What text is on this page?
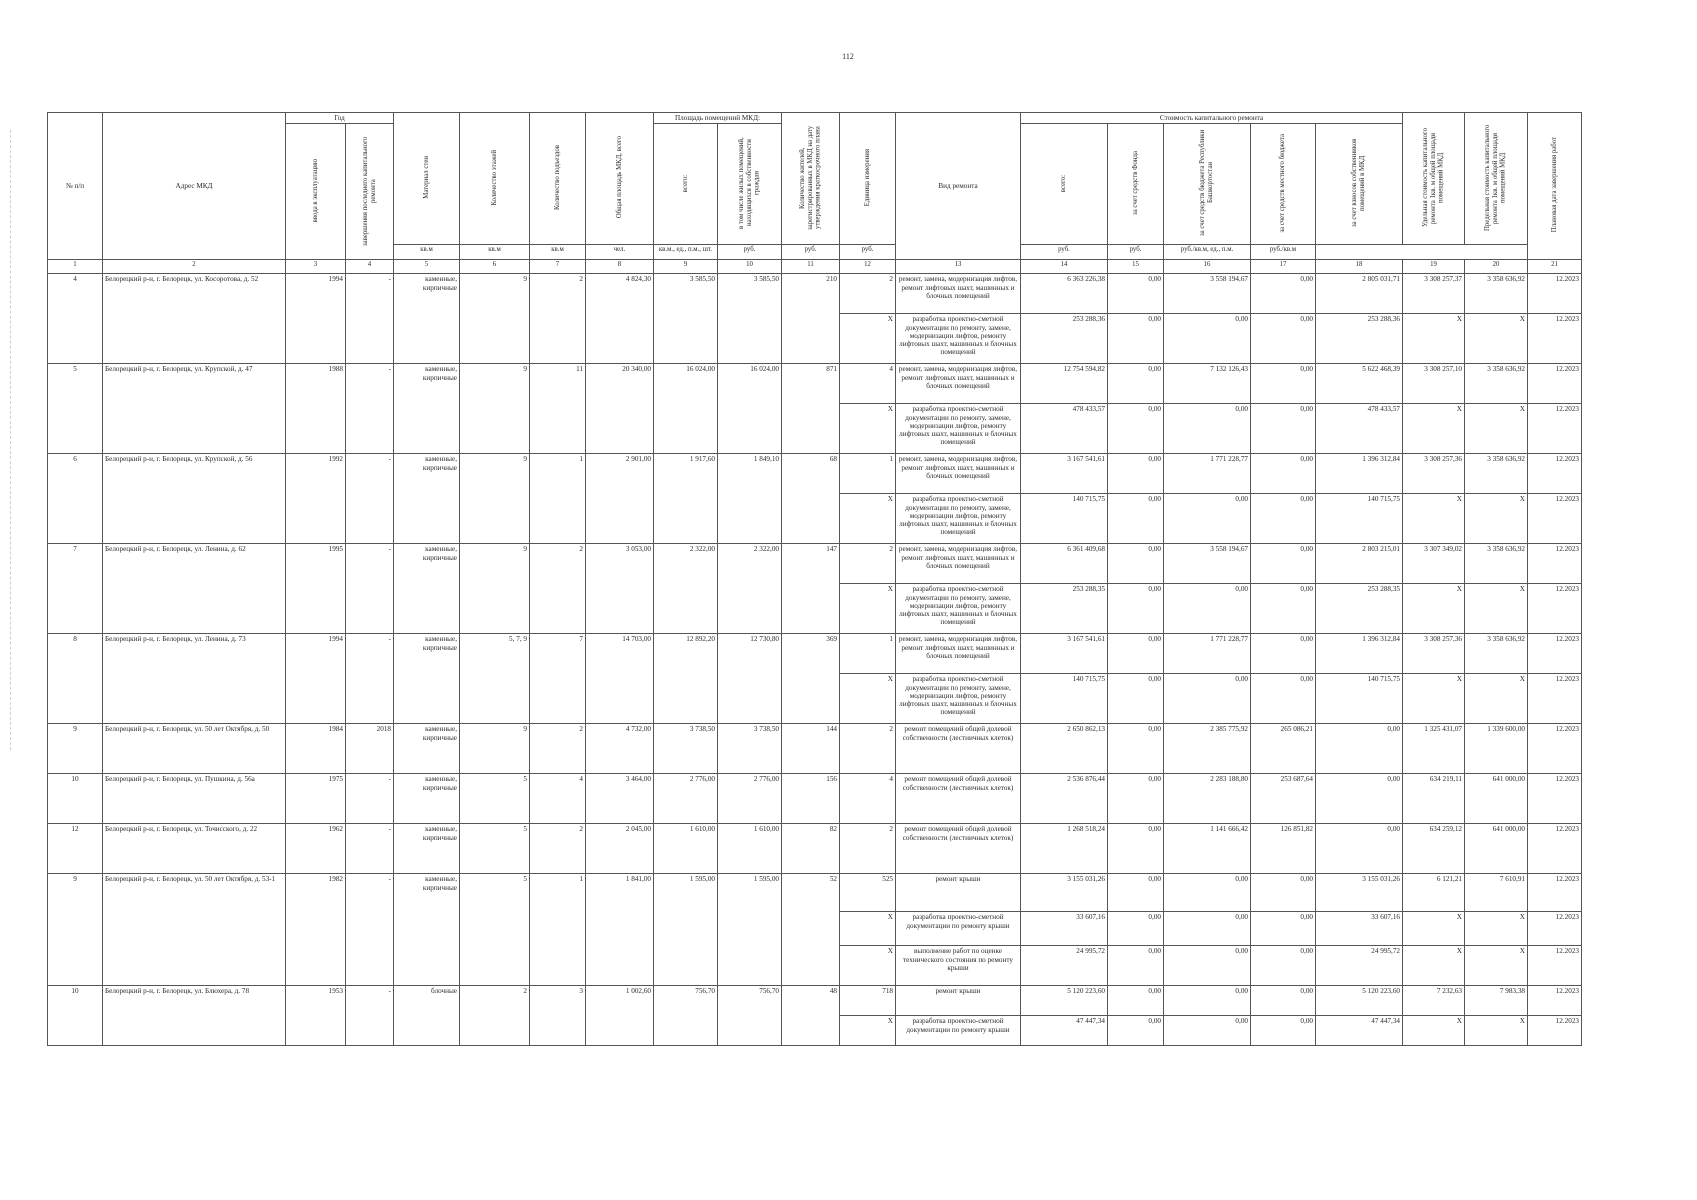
112
№ п/п	Адрес МКД	Год		Материал стен	Количество этажей	Количество подъездов	Общая площадь МКД, всего	Площадь помещений МКД:		Количество жителей, зарегистрированных в МКД на дату утверждения краткосрочного плана	Единица измерения	Вид ремонта	Стоимость капитального ремонта					Удельная стоимость капитального ремонта 1кв. м общей площади помещений МКД	Предельная стоимость капитального ремонта 1кв. м общей площади помещений МКД	Плановая дата завершения работ
		ввода в эксплуатацию	завершения последнего капитального ремонта					всего:	в том числе жилых помещений, находящихся в собственности граждан				всего:	за счет средств Фонда	за счет средств бюджета Республики Башкортостан	за счет средств местного бюджета	за счет взносов собственников помещений в МКД			
				кв.м	кв.м	кв.м	чел.	кв.м., ед., п.м., шт.	руб.	руб.	руб.		руб.	руб.	руб./кв.м, ед., п.м.	руб./кв.м				
1	2	3	4	5	6	7	8	9	10	11	12	13	14	15	16	17	18	19	20	21
4	Белорецкий р-н, г. Белорецк, ул. Косоротова, д. 52	1994	-	каменные, кирпичные	9	2	4 824,30	3 585,50	3 585,50	210	2	ремонт, замена, модернизация лифтов, ремонт лифтовых шахт, машинных и блочных помещений	6 363 226,38	0,00	3 558 194,67	0,00	2 805 031,71	3 308 257,37	3 358 636,92	12.2023
											X	разработка проектно-сметной документации по ремонту, замене, модернизации лифтов, ремонту лифтовых шахт, машинных и блочных помещений	253 288,36	0,00	0,00	0,00	253 288,36	X	X	12.2023
5	Белорецкий р-н, г. Белорецк, ул. Крупской, д. 47	1988	-	каменные, кирпичные	9	11	20 340,00	16 024,00	16 024,00	871	4	ремонт, замена, модернизация лифтов, ремонт лифтовых шахт, машинных и блочных помещений	12 754 594,82	0,00	7 132 126,43	0,00	5 622 468,39	3 308 257,10	3 358 636,92	12.2023
											X	разработка проектно-сметной документации по ремонту, замене, модернизации лифтов, ремонту лифтовых шахт, машинных и блочных помещений	478 433,57	0,00	0,00	0,00	478 433,57	X	X	12.2023
6	Белорецкий р-н, г. Белорецк, ул. Крупской, д. 56	1992	-	каменные, кирпичные	9	1	2 901,00	1 917,60	1 849,10	68	1	ремонт, замена, модернизация лифтов, ремонт лифтовых шахт, машинных и блочных помещений	3 167 541,61	0,00	1 771 228,77	0,00	1 396 312,84	3 308 257,36	3 358 636,92	12.2023
											X	разработка проектно-сметной документации по ремонту, замене, модернизации лифтов, ремонту лифтовых шахт, машинных и блочных помещений	140 715,75	0,00	0,00	0,00	140 715,75	X	X	12.2023
7	Белорецкий р-н, г. Белорецк, ул. Ленина, д. 62	1995	-	каменные, кирпичные	9	2	3 053,00	2 322,00	2 322,00	147	2	ремонт, замена, модернизация лифтов, ремонт лифтовых шахт, машинных и блочных помещений	6 361 409,68	0,00	3 558 194,67	0,00	2 803 215,01	3 307 349,02	3 358 636,92	12.2023
											X	разработка проектно-сметной документации по ремонту, замене, модернизации лифтов, ремонту лифтовых шахт, машинных и блочных помещений	253 288,35	0,00	0,00	0,00	253 288,35	X	X	12.2023
8	Белорецкий р-н, г. Белорецк, ул. Ленина, д. 73	1994	-	каменные, кирпичные	5, 7, 9	7	14 703,00	12 892,20	12 730,80	369	1	ремонт, замена, модернизация лифтов, ремонт лифтовых шахт, машинных и блочных помещений	3 167 541,61	0,00	1 771 228,77	0,00	1 396 312,84	3 308 257,36	3 358 636,92	12.2023
											X	разработка проектно-сметной документации по ремонту, замене, модернизации лифтов, ремонту лифтовых шахт, машинных и блочных помещений	140 715,75	0,00	0,00	0,00	140 715,75	X	X	12.2023
9	Белорецкий р-н, г. Белорецк, ул. 50 лет Октября, д. 50	1984	2018	каменные, кирпичные	9	2	4 732,00	3 738,50	3 738,50	144	2	ремонт помещений общей долевой собственности (лестничных клеток)	2 650 862,13	0,00	2 385 775,92	265 086,21	0,00	1 325 431,07	1 339 600,00	12.2023
10	Белорецкий р-н, г. Белорецк, ул. Пушкина, д. 56а	1975	-	каменные, кирпичные	5	4	3 464,00	2 776,00	2 776,00	156	4	ремонт помещений общей долевой собственности (лестничных клеток)	2 536 876,44	0,00	2 283 188,80	253 687,64	0,00	634 219,11	641 000,00	12.2023
12	Белорецкий р-н, г. Белорецк, ул. Точисского, д. 22	1962	-	каменные, кирпичные	5	2	2 045,00	1 610,00	1 610,00	82	2	ремонт помещений общей долевой собственности (лестничных клеток)	1 268 518,24	0,00	1 141 666,42	126 851,82	0,00	634 259,12	641 000,00	12.2023
9	Белорецкий р-н, г. Белорецк, ул. 50 лет Октября, д. 53-1	1982	-	каменные, кирпичные	5	1	1 841,00	1 595,00	1 595,00	52	525	ремонт крыши	3 155 031,26	0,00	0,00	0,00	3 155 031,26	6 121,21	7 610,91	12.2023
											X	разработка проектно-сметной документации по ремонту крыши	33 607,16	0,00	0,00	0,00	33 607,16	X	X	12.2023
											X	выполнение работ по оценке технического состояния по ремонту крыши	24 995,72	0,00	0,00	0,00	24 995,72	X	X	12.2023
10	Белорецкий р-н, г. Белорецк, ул. Блюхера, д. 78	1953	-	блочные	2	3	1 002,60	756,70	756,70	48	718	ремонт крыши	5 120 223,60	0,00	0,00	0,00	5 120 223,60	7 232,63	7 983,38	12.2023
											X	разработка проектно-сметной документации по ремонту крыши	47 447,34	0,00	0,00	0,00	47 447,34	X	X	12.2023
